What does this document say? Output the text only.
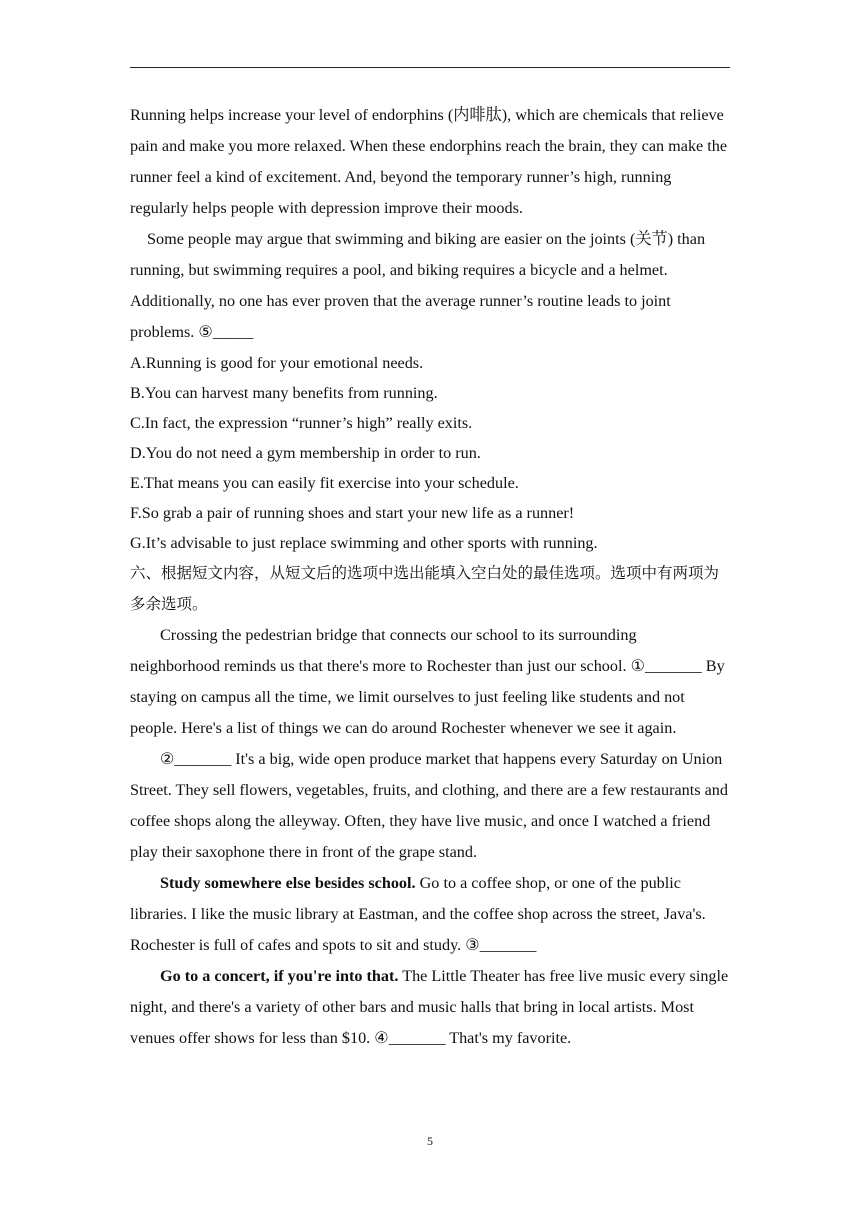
Running helps increase your level of endorphins (内啡肽), which are chemicals that relieve pain and make you more relaxed. When these endorphins reach the brain, they can make the runner feel a kind of excitement. And, beyond the temporary runner’s high, running regularly helps people with depression improve their moods.

Some people may argue that swimming and biking are easier on the joints (关节) than running, but swimming requires a pool, and biking requires a bicycle and a helmet. Additionally, no one has ever proven that the average runner’s routine leads to joint problems. ⑤_____

A.Running is good for your emotional needs.

B.You can harvest many benefits from running.

C.In fact, the expression “runner’s high” really exits.

D.You do not need a gym membership in order to run.

E.That means you can easily fit exercise into your schedule.

F.So grab a pair of running shoes and start your new life as a runner!

G.It’s advisable to just replace swimming and other sports with running.

六、根据短文内容，从短文后的选项中选出能填入空白处的最佳选项。选项中有两项为多余选项。

Crossing the pedestrian bridge that connects our school to its surrounding neighborhood reminds us that there's more to Rochester than just our school. ①_______ By staying on campus all the time, we limit ourselves to just feeling like students and not people. Here's a list of things we can do around Rochester whenever we see it again.

②_______ It's a big, wide open produce market that happens every Saturday on Union Street. They sell flowers, vegetables, fruits, and clothing, and there are a few restaurants and coffee shops along the alleyway. Often, they have live music, and once I watched a friend play their saxophone there in front of the grape stand.

Study somewhere else besides school. Go to a coffee shop, or one of the public libraries. I like the music library at Eastman, and the coffee shop across the street, Java's. Rochester is full of cafes and spots to sit and study. ③_______

Go to a concert, if you're into that. The Little Theater has free live music every single night, and there's a variety of other bars and music halls that bring in local artists. Most venues offer shows for less than $10. ④_______ That's my favorite.

5
